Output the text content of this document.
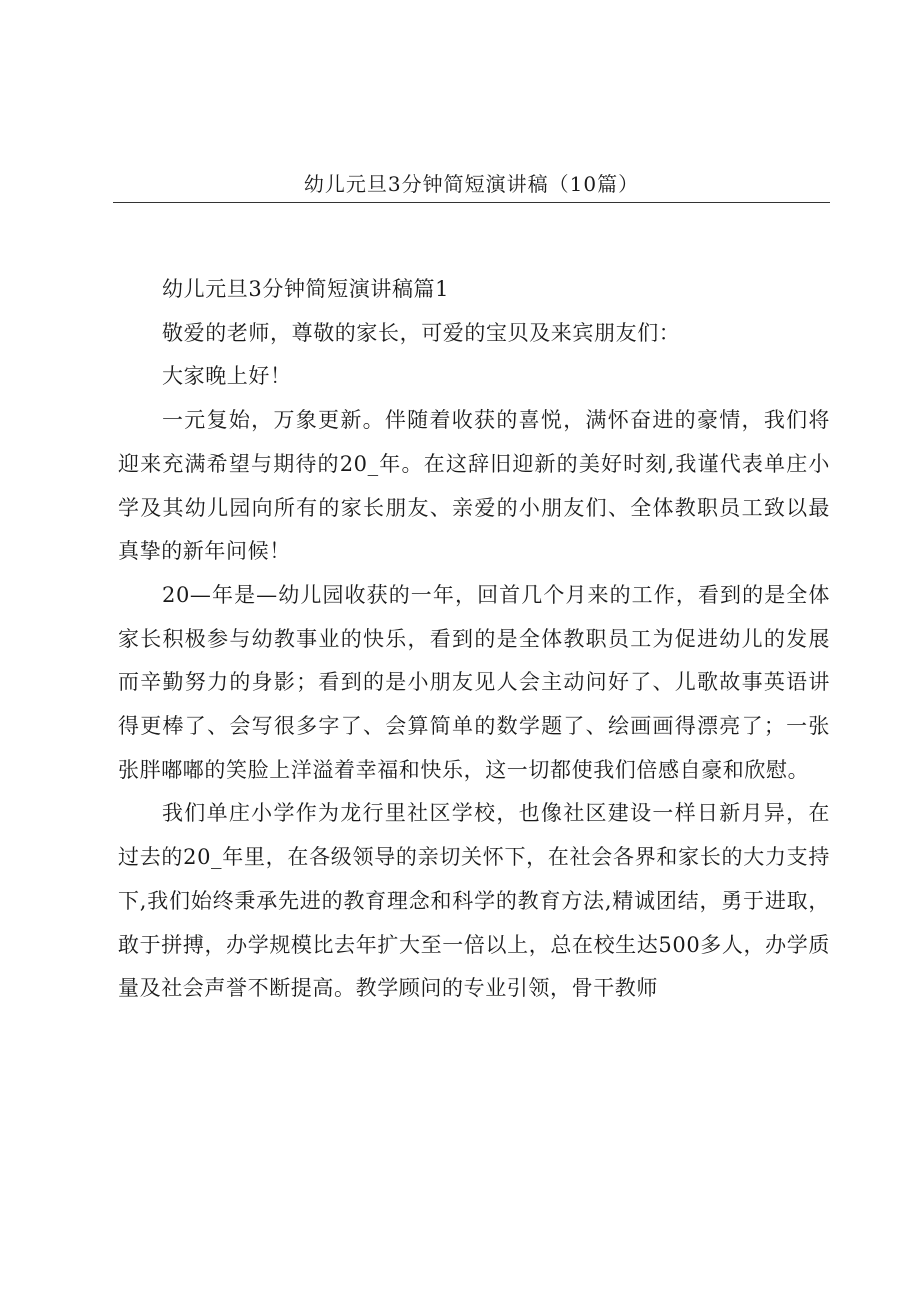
幼儿元旦3分钟简短演讲稿（10篇）

幼儿元旦3分钟简短演讲稿篇1

敬爱的老师，尊敬的家长，可爱的宝贝及来宾朋友们：

大家晚上好！

一元复始，万象更新。伴随着收获的喜悦，满怀奋进的豪情，我们将迎来充满希望与期待的20_年。在这辞旧迎新的美好时刻,我谨代表单庄小学及其幼儿园向所有的家长朋友、亲爱的小朋友们、全体教职员工致以最真挚的新年问候！

20—年是—幼儿园收获的一年，回首几个月来的工作，看到的是全体家长积极参与幼教事业的快乐，看到的是全体教职员工为促进幼儿的发展而辛勤努力的身影；看到的是小朋友见人会主动问好了、儿歌故事英语讲得更棒了、会写很多字了、会算简单的数学题了、绘画画得漂亮了；一张张胖嘟嘟的笑脸上洋溢着幸福和快乐，这一切都使我们倍感自豪和欣慰。

我们单庄小学作为龙行里社区学校，也像社区建设一样日新月异，在过去的20_年里，在各级领导的亲切关怀下，在社会各界和家长的大力支持下,我们始终秉承先进的教育理念和科学的教育方法,精诚团结，勇于进取，敢于拼搏，办学规模比去年扩大至一倍以上，总在校生达500多人，办学质量及社会声誉不断提高。教学顾问的专业引领，骨干教师
